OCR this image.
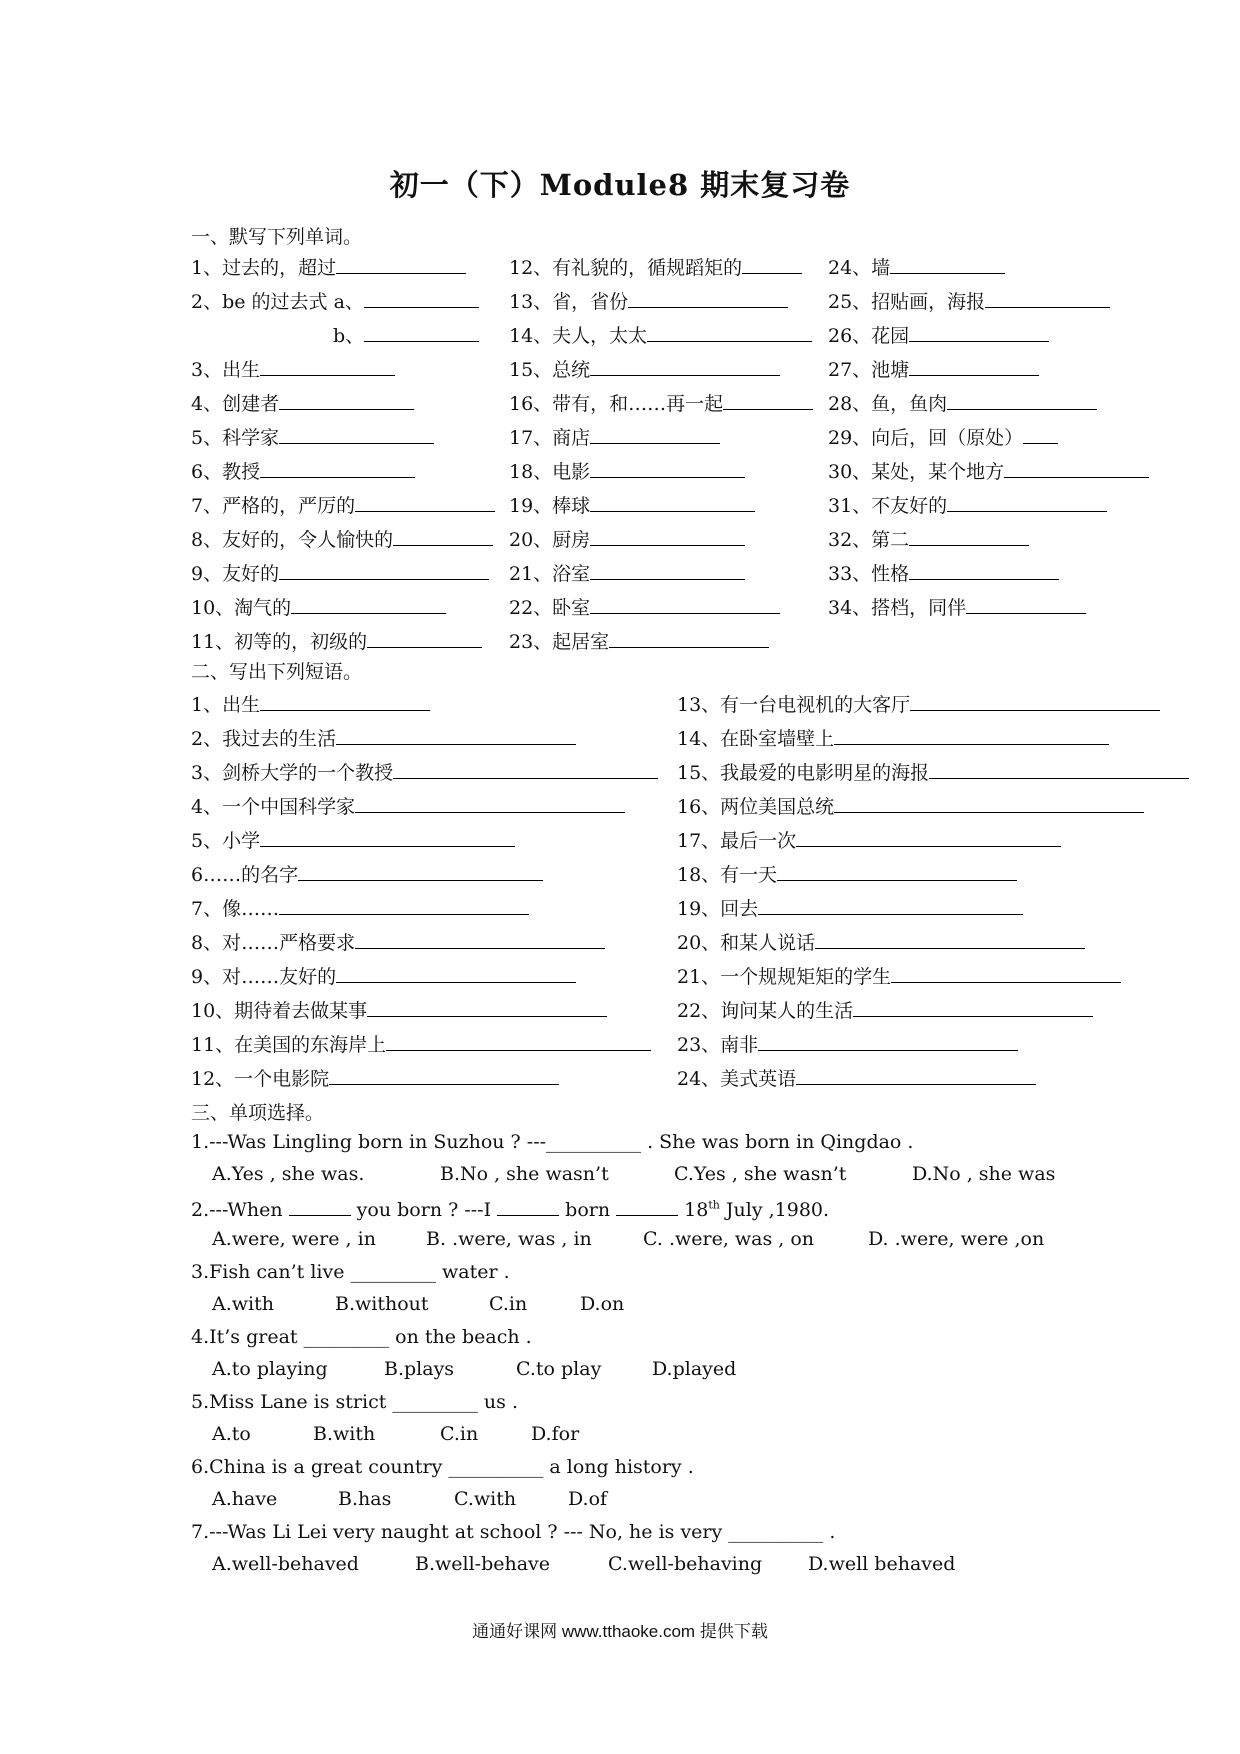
初一（下）Module8 期末复习卷
一、默写下列单词。
1、过去的，超过
2、be 的过去式 a、
b、
3、出生
4、创建者
5、科学家
6、教授
7、严格的，严厉的
8、友好的，令人愉快的
9、友好的
10、淘气的
11、初等的，初级的
12、有礼貌的，循规蹈矩的
13、省，省份
14、夫人，太太
15、总统
16、带有，和……再一起
17、商店
18、电影
19、棒球
20、厨房
21、浴室
22、卧室
23、起居室
24、墙
25、招贴画，海报
26、花园
27、池塘
28、鱼，鱼肉
29、向后，回（原处）
30、某处，某个地方
31、不友好的
32、第二
33、性格
34、搭档，同伴
二、写出下列短语。
1、出生
2、我过去的生活
3、剑桥大学的一个教授
4、一个中国科学家
5、小学
6……的名字
7、像……
8、对……严格要求
9、对……友好的
10、期待着去做某事
11、在美国的东海岸上
12、一个电影院
13、有一台电视机的大客厅
14、在卧室墙壁上
15、我最爱的电影明星的海报
16、两位美国总统
17、最后一次
18、有一天
19、回去
20、和某人说话
21、一个规规矩矩的学生
22、询问某人的生活
23、南非
24、美式英语
三、单项选择。
1.---Was Lingling born in Suzhou ? ---__________ . She was born in Qingdao .
A.Yes , she was.	B.No , she wasn’t	C.Yes , she wasn’t	D.No , she was
2.---When	you born ? ---I	born	18th July ,1980.
A.were, were , in	B. .were, was , in	C. .were, was , on	D. .were, were ,on
3.Fish can’t live _________ water .
A.with	B.without	C.in	D.on
4.It’s great _________ on the beach .
A.to playing	B.plays	C.to play	D.played
5.Miss Lane is strict _________ us .
A.to	B.with	C.in	D.for
6.China is a great country __________ a long history .
A.have	B.has	C.with	D.of
7.---Was Li Lei very naught at school ? --- No, he is very __________ .
A.well-behaved	B.well-behave	C.well-behaving D.well behaved
通通好课网 www.tthaoke.com 提供下载
